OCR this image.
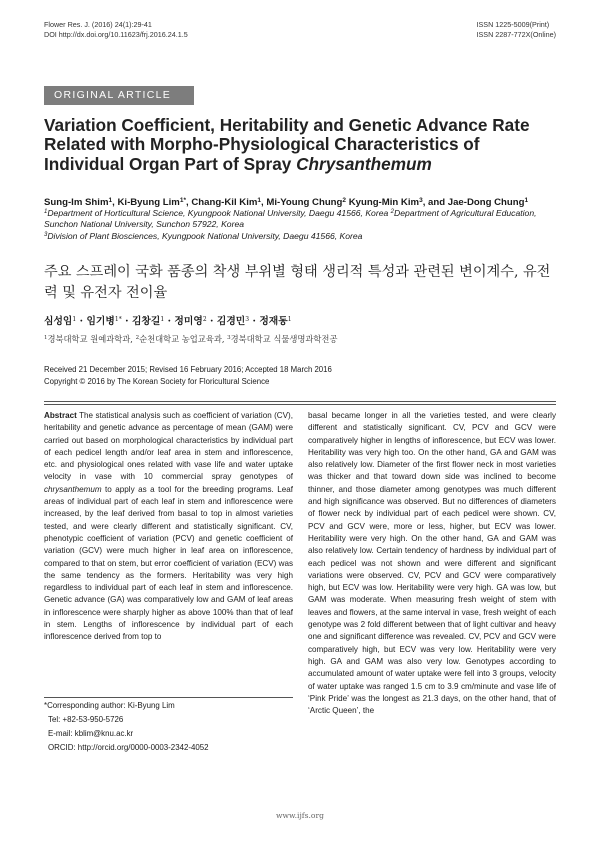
Flower Res. J. (2016) 24(1):29-41
DOI http://dx.doi.org/10.11623/frj.2016.24.1.5
ISSN 1225-5009(Print)
ISSN 2287-772X(Online)
ORIGINAL ARTICLE
Variation Coefficient, Heritability and Genetic Advance Rate Related with Morpho-Physiological Characteristics of Individual Organ Part of Spray Chrysanthemum
Sung-Im Shim$^1$, Ki-Byung Lim$^{1*}$, Chang-Kil Kim$^1$, Mi-Young Chung$^2$ Kyung-Min Kim$^3$, and Jae-Dong Chung$^1$
$^1$Department of Horticultural Science, Kyungpook National University, Daegu 41566, Korea $^2$Department of Agricultural Education, Sunchon National University, Sunchon 57922, Korea
$^3$Division of Plant Biosciences, Kyungpook National University, Daegu 41566, Korea
주요 스프레이 국화 품종의 착생 부위별 형태 생리적 특성과 관련된 변이계수, 유전력 및 유전자 전이율
심성임$^1$ · 임기병$^{1*}$ · 김창길$^1$ · 정미영$^2$ · 김경민$^3$ · 정재동$^1$
$^1$경북대학교 원예과학과, $^2$순천대학교 농업교육과, $^3$경북대학교 식물생명과학전공
Received 21 December 2015; Revised 16 February 2016; Accepted 18 March 2016
Copyright © 2016 by The Korean Society for Floricultural Science
Abstract The statistical analysis such as coefficient of variation (CV), heritability and genetic advance as percentage of mean (GAM) were carried out based on morphological characteristics by individual part of each pedicel length and/or leaf area in stem and inflorescence, etc. and physiological ones related with vase life and water uptake velocity in vase with 10 commercial spray genotypes of chrysanthemum to apply as a tool for the breeding programs. Leaf areas of individual part of each leaf in stem and inflorescence were increased, by the leaf derived from basal to top in almost varieties tested, and were clearly different and statistically significant. CV, phenotypic coefficient of variation (PCV) and genetic coefficient of variation (GCV) were much higher in leaf area on inflorescence, compared to that on stem, but error coefficient of variation (ECV) was the same tendency as the formers. Heritability was very high regardless to individual part of each leaf in stem and inflorescence. Genetic advance (GA) was comparatively low and GAM of leaf areas in inflorescence were sharply higher as above 100% than that of leaf in stem. Lengths of inflorescence by individual part of each inflorescence derived from top to
basal became longer in all the varieties tested, and were clearly different and statistically significant. CV, PCV and GCV were comparatively higher in lengths of inflorescence, but ECV was lower. Heritability was very high too. On the other hand, GA and GAM was also relatively low. Diameter of the first flower neck in most varieties was thicker and that toward down side was inclined to become thinner, and those diameter among genotypes was much different and high significance was observed. But no differences of diameters of flower neck by individual part of each pedicel were shown. CV, PCV and GCV were, more or less, higher, but ECV was lower. Heritability were very high. On the other hand, GA and GAM was also relatively low. Certain tendency of hardness by individual part of each pedicel was not shown and were different and significant variations were observed. CV, PCV and GCV were comparatively high, but ECV was low. Heritability were very high. GA was low, but GAM was moderate. When measuring fresh weight of stem with leaves and flowers, at the same interval in vase, fresh weight of each genotype was 2 fold different between that of light cultivar and heavy one and significant difference was revealed. CV, PCV and GCV were comparatively high, but ECV was very low. Heritability were very high. GA and GAM was also very low. Genotypes according to accumulated amount of water uptake were fell into 3 groups, velocity of water uptake was ranged 1.5 cm to 3.9 cm/minute and vase life of ‘Pink Pride’ was the longest as 21.3 days, on the other hand, that of ‘Arctic Queen’, the
*Corresponding author: Ki-Byung Lim
Tel: +82-53-950-5726
E-mail: kblim@knu.ac.kr
ORCID: http://orcid.org/0000-0003-2342-4052
www.ijfs.org
